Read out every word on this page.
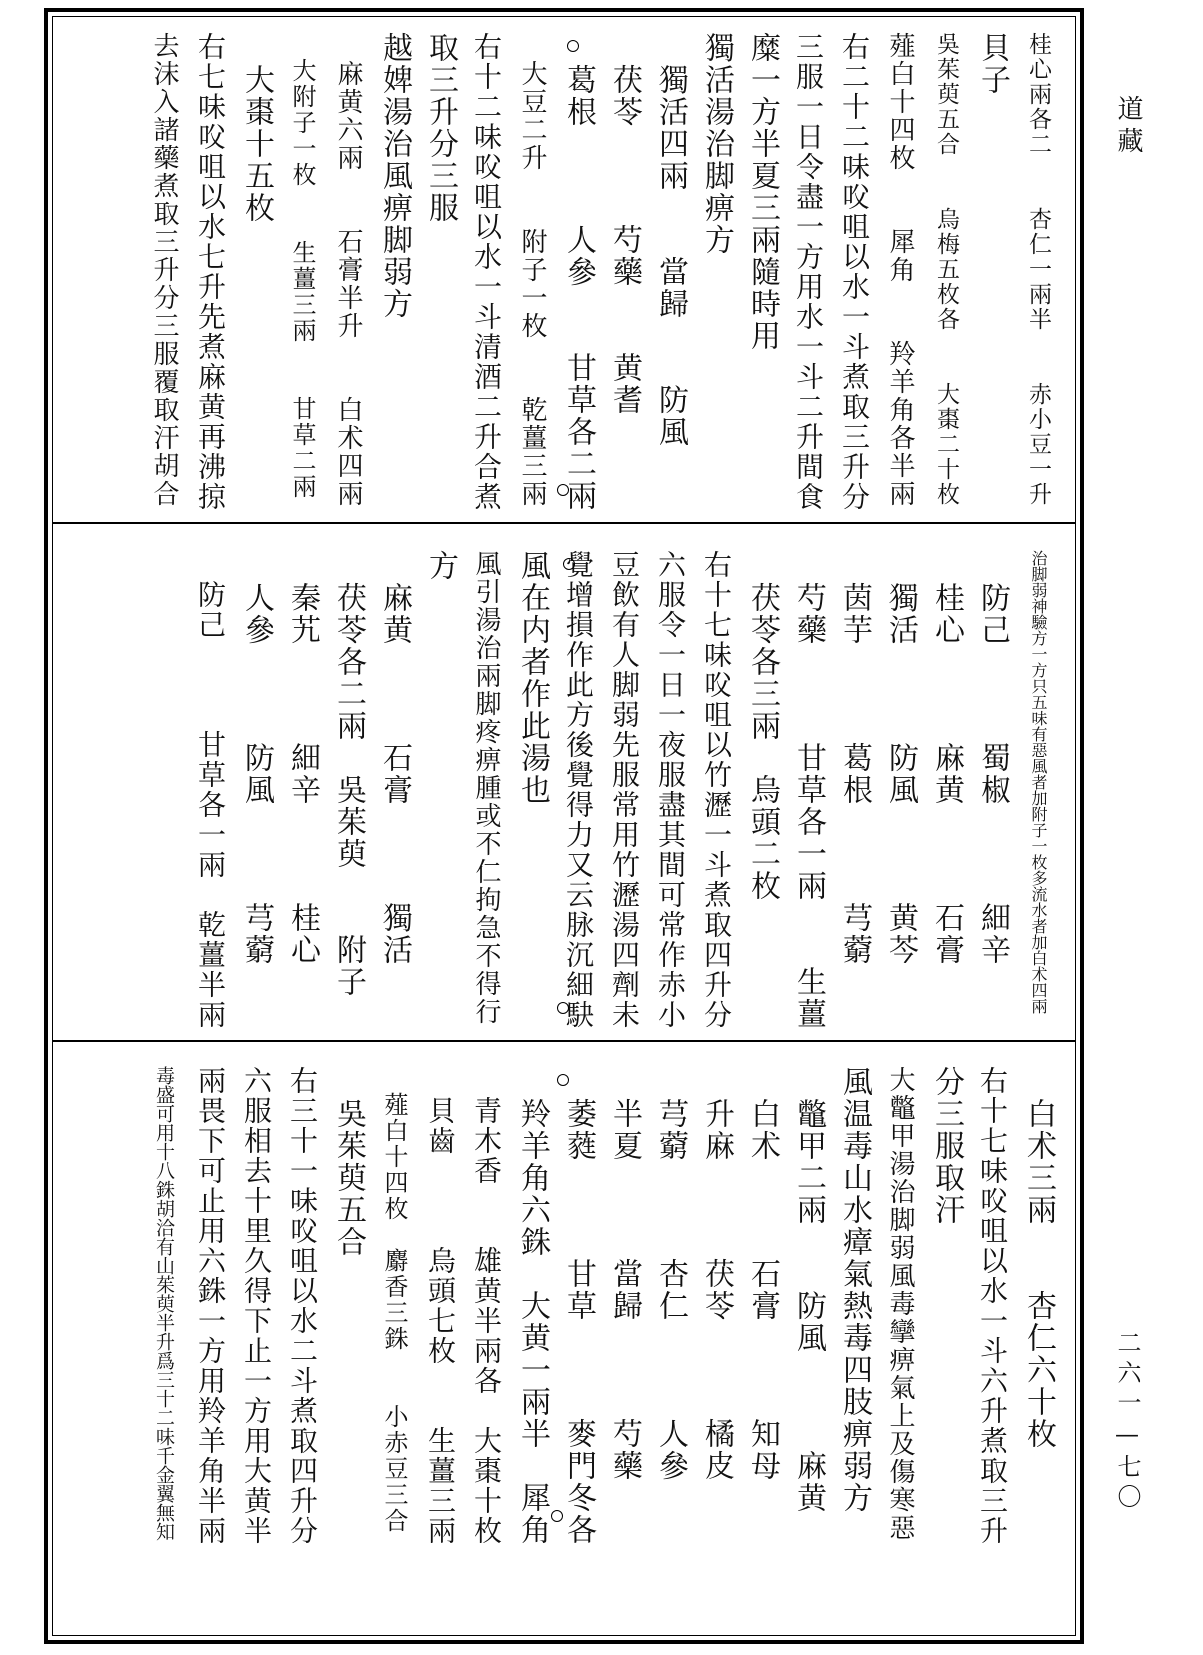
道藏
二六一—七〇
桂心兩各二　　杏仁一兩半　　赤小豆一升
貝子
吳茱萸五合　　烏梅五枚各　　大棗二十枚
薤白十四枚　　犀角　　羚羊角各半兩
右二十二味㕮咀以水一斗煮取三升分
三服一日令盡一方用水一斗二升間食
糜一方半夏三兩隨時用
獨活湯治脚痹方
　獨活四兩　　當歸　　防風
　茯苓　　　芍藥　　黄耆
　葛根　　　人參　　甘草各二兩
　大豆二升　　附子一枚　　乾薑三兩
右十二味㕮咀以水一斗清酒二升合煮
取三升分三服
越婢湯治風痹脚弱方
　麻黄六兩　　石膏半升　　白术四兩
　大附子一枚　　生薑三兩　　甘草二兩
　大棗十五枚
右七味㕮咀以水七升先煮麻黄再沸掠
去沫入諸藥煮取三升分三服覆取汗胡合
治脚弱神驗方一方只五味有惡風者加附子一枚多流水者加白术四兩
　防己　　　蜀椒　　　細辛
　桂心　　　麻黄　　　石膏
　獨活　　　防風　　　黄芩
　茵芋　　　葛根　　　芎藭
　芍藥　　　甘草各一兩　　生薑
　茯苓各三兩　烏頭二枚
右十七味㕮咀以竹瀝一斗煮取四升分
六服令一日一夜服盡其間可常作赤小
豆飲有人脚弱先服常用竹瀝湯四劑未
覺增損作此方後覺得力又云脉沉細駃
風在内者作此湯也
風引湯治兩脚疼痹腫或不仁拘急不得行
方
　麻黄　　　石膏　　　獨活
　茯苓各二兩　吳茱萸　　附子
　秦艽　　　細辛　　　桂心
　人參　　　防風　　　芎藭
　防己　　　甘草各一兩　乾薑半兩
　白术三兩　　杏仁六十枚
右十七味㕮咀以水一斗六升煮取三升
分三服取汗
大鼈甲湯治脚弱風毒攣痹氣上及傷寒惡
風温毒山水瘴氣熱毒四肢痹弱方
　鼈甲二兩　　防風　　　麻黄
　白术　　　石膏　　　知母
　升麻　　　茯苓　　　橘皮
　芎藭　　　杏仁　　　人參
　半夏　　　當歸　　　芍藥
　萎蕤　　　甘草　　　麥門冬各
　羚羊角六銖　大黄一兩半　犀角
　青木香　　雄黄半兩各　大棗十枚
　貝齒　　　烏頭七枚　　生薑三兩
　薤白十四枚　麝香三銖　　小赤豆三合
　吳茱萸五合
右三十一味㕮咀以水二斗煮取四升分
六服相去十里久得下止一方用大黄半
兩畏下可止用六銖一方用羚羊角半兩
毒盛可用十八銖胡洽有山茱萸半升爲三十二味千金翼無知
